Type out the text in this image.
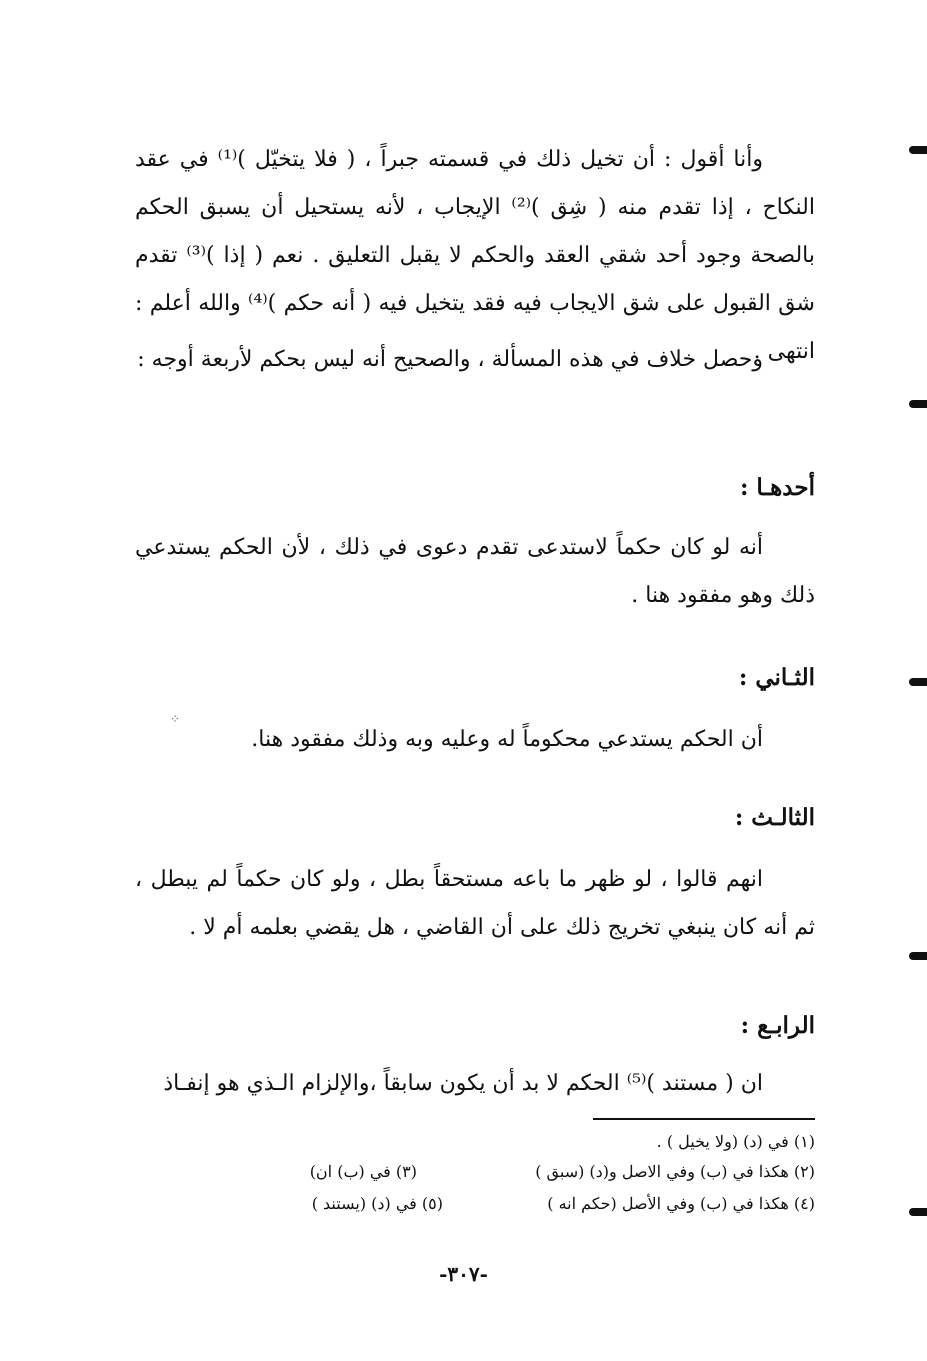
وأنا أقول : أن تخيل ذلك في قسمته جبراً ، ( فلا يتخيّل )⁽¹⁾ في عقد النكاح ، إذا تقدم منه ( شِق )⁽²⁾ الإيجاب ، لأنه يستحيل أن يسبق الحكم بالصحة وجود أحد شقي العقد والحكم لا يقبل التعليق . نعم ( إذا )⁽³⁾ تقدم شق القبول على شق الايجاب فيه فقد يتخيل فيه ( أنه حكم )⁽⁴⁾ والله أعلم : انتهى .

وحصل خلاف في هذه المسألة ، والصحيح أنه ليس بحكم لأربعة أوجه :

أحدهـا :

أنه لو كان حكماً لاستدعى تقدم دعوى في ذلك ، لأن الحكم يستدعي ذلك وهو مفقود هنا .

الثـاني :
⁘

أن الحكم يستدعي محكوماً له وعليه وبه وذلك مفقود هنا.

الثالـث :

انهم قالوا ، لو ظهر ما باعه مستحقاً بطل ، ولو كان حكماً لم يبطل ، ثم أنه كان ينبغي تخريج ذلك على أن القاضي ، هل يقضي بعلمه أم لا .

الرابـع :

ان ( مستند )⁽⁵⁾ الحكم لا بد أن يكون سابقاً ،والإلزام الـذي هو إنفـاذ

(١) في (د) (ولا يخيل ) .

(٢) هكذا في (ب) وفي الاصل و(د) (سبق )

(٣) في (ب) ان)

(٤) هكذا في (ب) وفي الأصل (حكم انه )

(٥) في (د) (يستند )

-٣٠٧-
